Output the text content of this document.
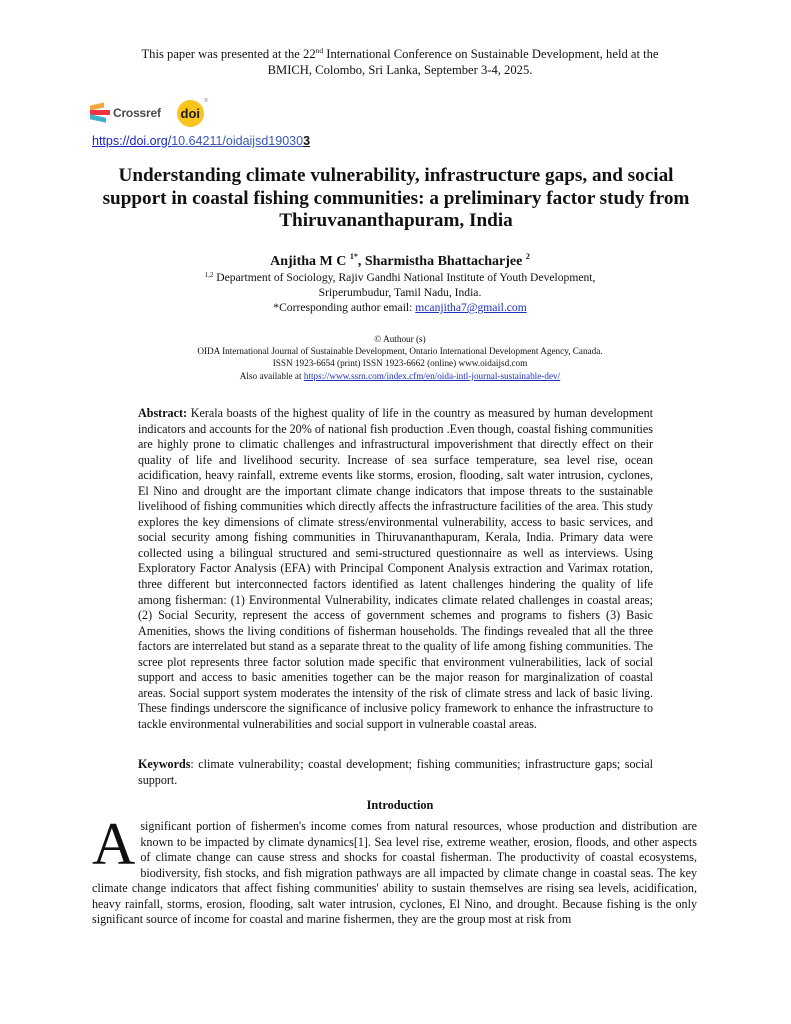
This paper was presented at the 22nd International Conference on Sustainable Development, held at the
BMICH, Colombo, Sri Lanka, September 3-4, 2025.
Crossref doi
®
https://doi.org/10.64211/oidaijsd190303
Understanding climate vulnerability, infrastructure gaps, and social support in coastal fishing communities: a preliminary factor study from Thiruvananthapuram, India
Anjitha M C $^{1*}$, Sharmistha Bhattacharjee $^2$
$^{1,2}$ Department of Sociology, Rajiv Gandhi National Institute of Youth Development,
Sriperumbudur, Tamil Nadu, India.
*Corresponding author email: mcanjitha7@gmail.com
© Authour (s)
OIDA International Journal of Sustainable Development, Ontario International Development Agency, Canada.
ISSN 1923-6654 (print) ISSN 1923-6662 (online) www.oidaijsd.com
Also available at https://www.ssrn.com/index.cfm/en/oida-intl-journal-sustainable-dev/

Abstract: Kerala boasts of the highest quality of life in the country as measured by human development indicators and accounts for the 20% of national fish production .Even though, coastal fishing communities are highly prone to climatic challenges and infrastructural impoverishment that directly effect on their quality of life and livelihood security. Increase of sea surface temperature, sea level rise, ocean acidification, heavy rainfall, extreme events like storms, erosion, flooding, salt water intrusion, cyclones, El Nino and drought are the important climate change indicators that impose threats to the sustainable livelihood of fishing communities which directly affects the infrastructure facilities of the area. This study explores the key dimensions of climate stress/environmental vulnerability, access to basic services, and social security among fishing communities in Thiruvananthapuram, Kerala, India. Primary data were collected using a bilingual structured and semi-structured questionnaire as well as interviews. Using Exploratory Factor Analysis (EFA) with Principal Component Analysis extraction and Varimax rotation, three different but interconnected factors identified as latent challenges hindering the quality of life among fisherman: (1) Environmental Vulnerability, indicates climate related challenges in coastal areas; (2) Social Security, represent the access of government schemes and programs to fishers (3) Basic Amenities, shows the living conditions of fisherman households. The findings revealed that all the three factors are interrelated but stand as a separate threat to the quality of life among fishing communities. The scree plot represents three factor solution made specific that environment vulnerabilities, lack of social support and access to basic amenities together can be the major reason for marginalization of coastal areas. Social support system moderates the intensity of the risk of climate stress and lack of basic living. These findings underscore the significance of inclusive policy framework to enhance the infrastructure to tackle environmental vulnerabilities and social support in vulnerable coastal areas.

Keywords: climate vulnerability; coastal development; fishing communities; infrastructure gaps; social support.

Introduction

Asignificant portion of fishermen's income comes from natural resources, whose production and distribution are known to be impacted by climate dynamics[1]. Sea level rise, extreme weather, erosion, floods, and other aspects of climate change can cause stress and shocks for coastal fisherman. The productivity of coastal ecosystems, biodiversity, fish stocks, and fish migration pathways are all impacted by climate change in coastal seas. The key climate change indicators that affect fishing communities' ability to sustain themselves are rising sea levels, acidification, heavy rainfall, storms, erosion, flooding, salt water intrusion, cyclones, El Nino, and drought. Because fishing is the only significant source of income for coastal and marine fishermen, they are the group most at risk from
